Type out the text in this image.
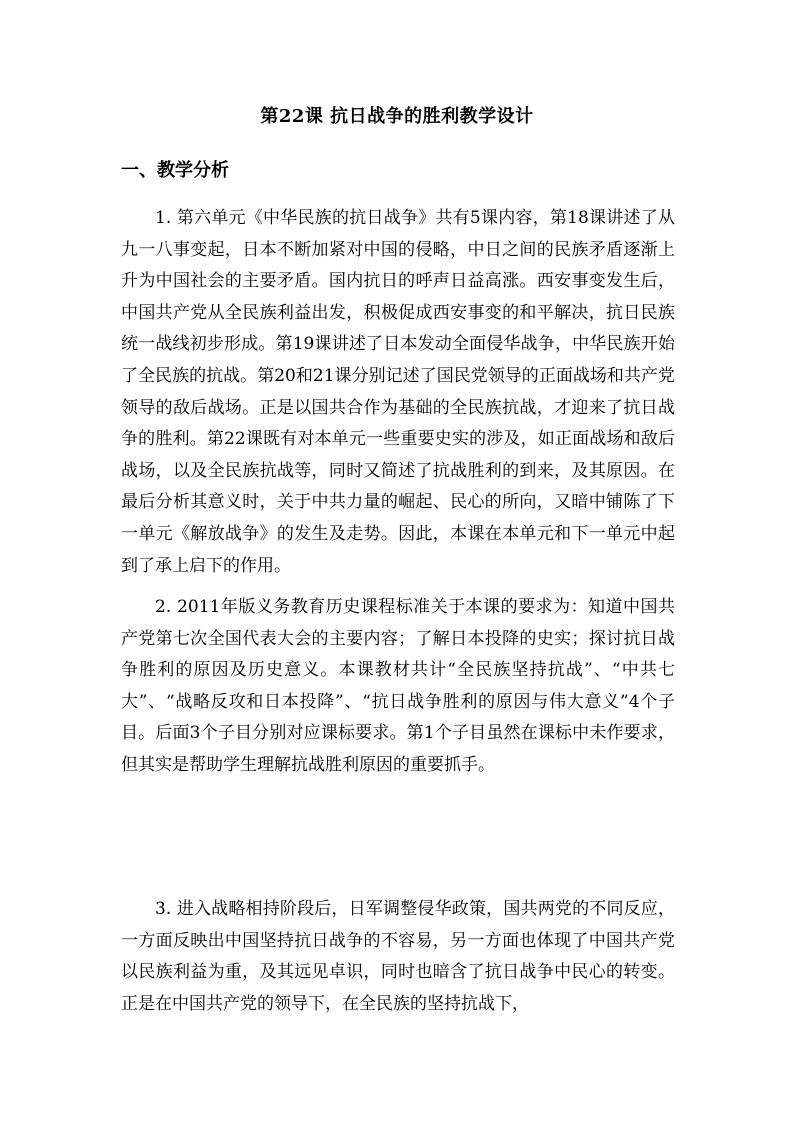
第22课 抗日战争的胜利教学设计
一、教学分析

1. 第六单元《中华民族的抗日战争》共有5课内容，第18课讲述了从九一八事变起，日本不断加紧对中国的侵略，中日之间的民族矛盾逐渐上升为中国社会的主要矛盾。国内抗日的呼声日益高涨。西安事变发生后，中国共产党从全民族利益出发，积极促成西安事变的和平解决，抗日民族统一战线初步形成。第19课讲述了日本发动全面侵华战争，中华民族开始了全民族的抗战。第20和21课分别记述了国民党领导的正面战场和共产党领导的敌后战场。正是以国共合作为基础的全民族抗战，才迎来了抗日战争的胜利。第22课既有对本单元一些重要史实的涉及，如正面战场和敌后战场，以及全民族抗战等，同时又简述了抗战胜利的到来，及其原因。在最后分析其意义时，关于中共力量的崛起、民心的所向，又暗中铺陈了下一单元《解放战争》的发生及走势。因此，本课在本单元和下一单元中起到了承上启下的作用。

2. 2011年版义务教育历史课程标准关于本课的要求为：知道中国共产党第七次全国代表大会的主要内容；了解日本投降的史实；探讨抗日战争胜利的原因及历史意义。本课教材共计“全民族坚持抗战”、“中共七大”、“战略反攻和日本投降”、“抗日战争胜利的原因与伟大意义”4个子目。后面3个子目分别对应课标要求。第1个子目虽然在课标中未作要求，但其实是帮助学生理解抗战胜利原因的重要抓手。

3. 进入战略相持阶段后，日军调整侵华政策，国共两党的不同反应，一方面反映出中国坚持抗日战争的不容易，另一方面也体现了中国共产党以民族利益为重，及其远见卓识，同时也暗含了抗日战争中民心的转变。正是在中国共产党的领导下，在全民族的坚持抗战下，
